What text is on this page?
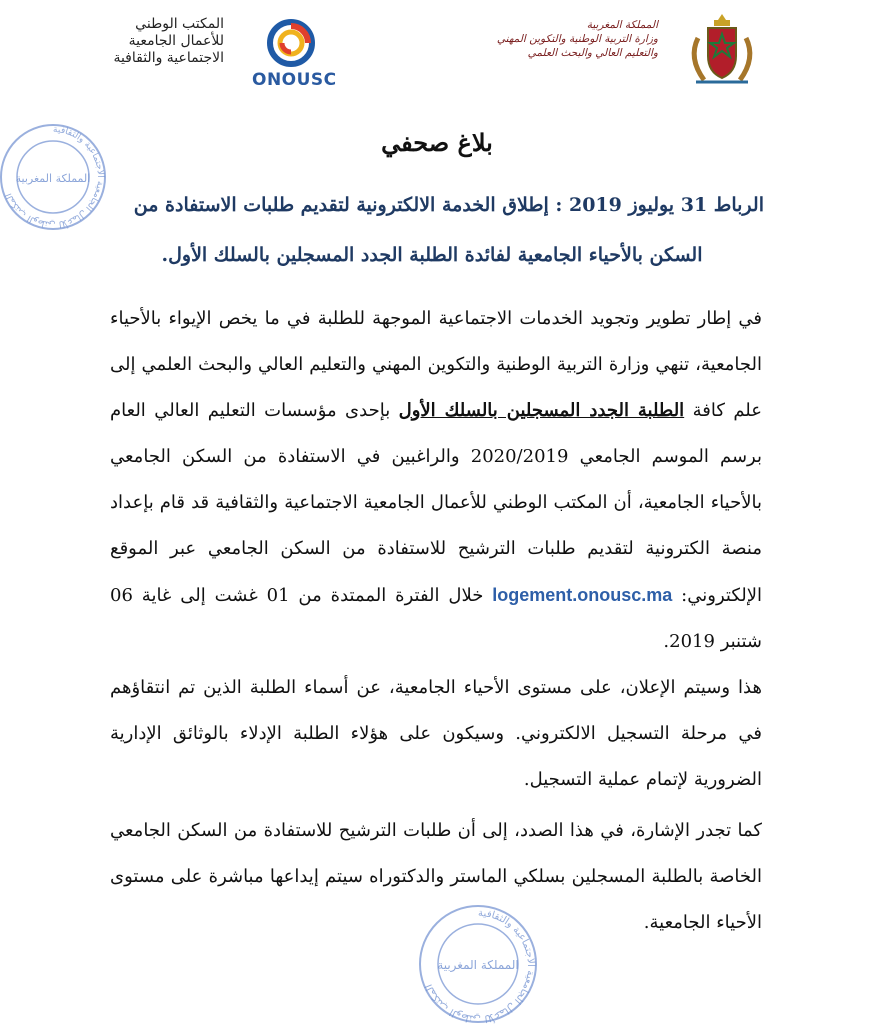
المملكة المغربية
وزارة التربية الوطنية والتكوين المهني
والتعليم العالي والبحث العلمي
المكتب الوطني
للأعمال الجامعية
الاجتماعية والثقافية
ONOUSC
المكتب الوطني للأعمال الجامعية الاجتماعية والثقافية
المملكة المغربية
المكتب الوطني للأعمال الجامعية الاجتماعية والثقافية
المملكة المغربية
بلاغ صحفي

الرباط 31 يوليوز 2019 : إطلاق الخدمة الالكترونية لتقديم طلبات الاستفادة من

السكن بالأحياء الجامعية لفائدة الطلبة الجدد المسجلين بالسلك الأول.

في إطار تطوير وتجويد الخدمات الاجتماعية الموجهة للطلبة في ما يخص الإيواء بالأحياء الجامعية، تنهي وزارة التربية الوطنية والتكوين المهني والتعليم العالي والبحث العلمي إلى علم كافة الطلبة الجدد المسجلين بالسلك الأول بإحدى مؤسسات التعليم العالي العام برسم الموسم الجامعي 2020/2019 والراغبين في الاستفادة من السكن الجامعي بالأحياء الجامعية، أن المكتب الوطني للأعمال الجامعية الاجتماعية والثقافية قد قام بإعداد منصة الكترونية لتقديم طلبات الترشيح للاستفادة من السكن الجامعي عبر الموقع الإلكتروني: logement.onousc.ma خلال الفترة الممتدة من 01 غشت إلى غاية 06 شتنبر 2019.

هذا وسيتم الإعلان، على مستوى الأحياء الجامعية، عن أسماء الطلبة الذين تم انتقاؤهم في مرحلة التسجيل الالكتروني. وسيكون على هؤلاء الطلبة الإدلاء بالوثائق الإدارية الضرورية لإتمام عملية التسجيل.

كما تجدر الإشارة، في هذا الصدد، إلى أن طلبات الترشيح للاستفادة من السكن الجامعي الخاصة بالطلبة المسجلين بسلكي الماستر والدكتوراه سيتم إيداعها مباشرة على مستوى الأحياء الجامعية.
